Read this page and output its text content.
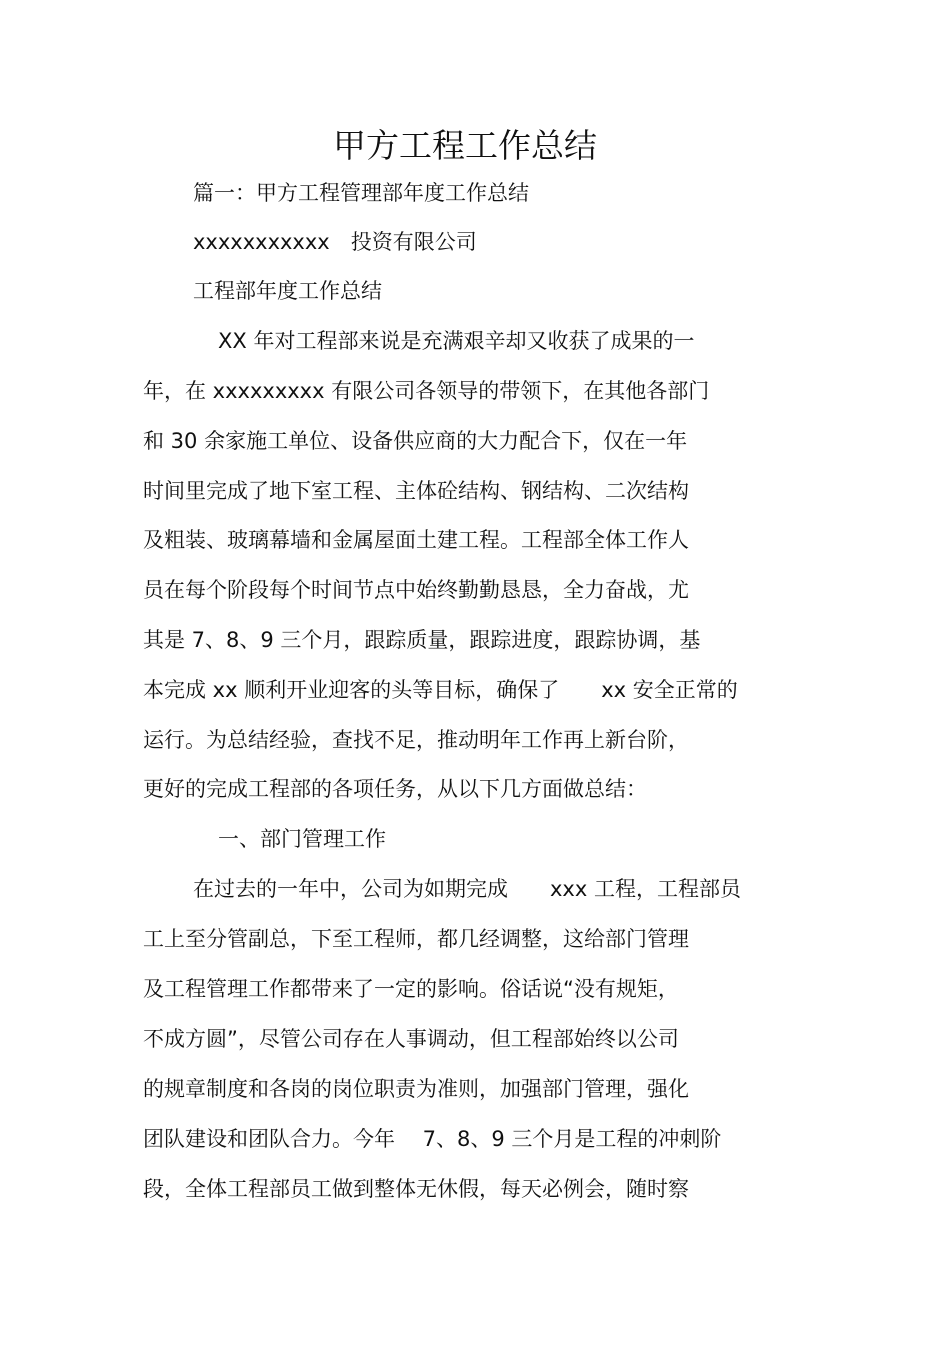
甲方工程工作总结
篇一：甲方工程管理部年度工作总结
xxxxxxxxxxx　投资有限公司
工程部年度工作总结
XX 年对工程部来说是充满艰辛却又收获了成果的一
年，在 xxxxxxxxx 有限公司各领导的带领下，在其他各部门
和 30 余家施工单位、设备供应商的大力配合下，仅在一年
时间里完成了地下室工程、主体砼结构、钢结构、二次结构
及粗装、玻璃幕墙和金属屋面土建工程。工程部全体工作人
员在每个阶段每个时间节点中始终勤勤恳恳，全力奋战，尤
其是 7、8、9 三个月，跟踪质量，跟踪进度，跟踪协调，基
本完成 xx 顺利开业迎客的头等目标，确保了　　xx 安全正常的
运行。为总结经验，查找不足，推动明年工作再上新台阶，
更好的完成工程部的各项任务，从以下几方面做总结：
一、部门管理工作
在过去的一年中，公司为如期完成　　xxx 工程，工程部员
工上至分管副总，下至工程师，都几经调整，这给部门管理
及工程管理工作都带来了一定的影响。俗话说“没有规矩，
不成方圆”，尽管公司存在人事调动，但工程部始终以公司
的规章制度和各岗的岗位职责为准则，加强部门管理，强化
团队建设和团队合力。今年　 7、8、9 三个月是工程的冲刺阶
段，全体工程部员工做到整体无休假，每天必例会，随时察
